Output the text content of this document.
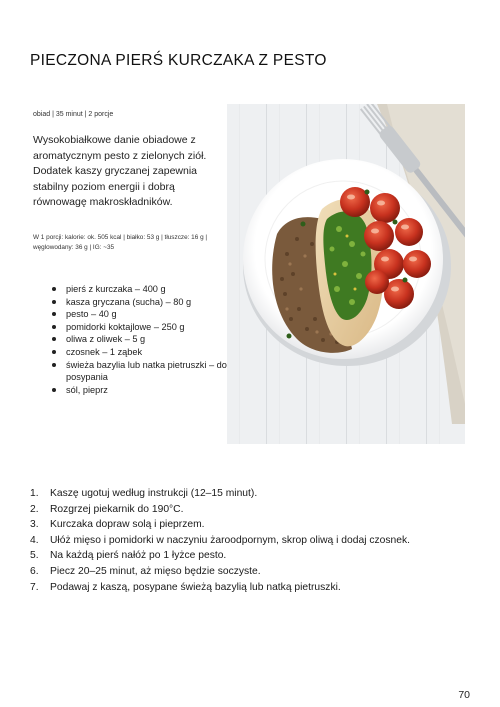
PIECZONA PIERŚ KURCZAKA Z PESTO
obiad | 35 minut | 2 porcje

Wysokobiałkowe danie obiadowe z aromatycznym pesto z zielonych ziół. Dodatek kaszy gryczanej zapewnia stabilny poziom energii i dobrą równowagę makroskładników.

W 1 porcji: kalorie: ok. 505 kcal | białko: 53 g | tłuszcze: 16 g | węglowodany: 36 g | IG: ~35

pierś z kurczaka – 400 g
kasza gryczana (sucha) – 80 g
pesto – 40 g
pomidorki koktajlowe – 250 g
oliwa z oliwek – 5 g
czosnek – 1 ząbek
świeża bazylia lub natka pietruszki – do posypania
sól, pieprz
1. Kaszę ugotuj według instrukcji (12–15 minut).
2. Rozgrzej piekarnik do 190°C.
3. Kurczaka dopraw solą i pieprzem.
4. Ułóż mięso i pomidorki w naczyniu żaroodpornym, skrop oliwą i dodaj czosnek.
5. Na każdą pierś nałóż po 1 łyżce pesto.
6. Piecz 20–25 minut, aż mięso będzie soczyste.
7. Podawaj z kaszą, posypane świeżą bazylią lub natką pietruszki.
70
